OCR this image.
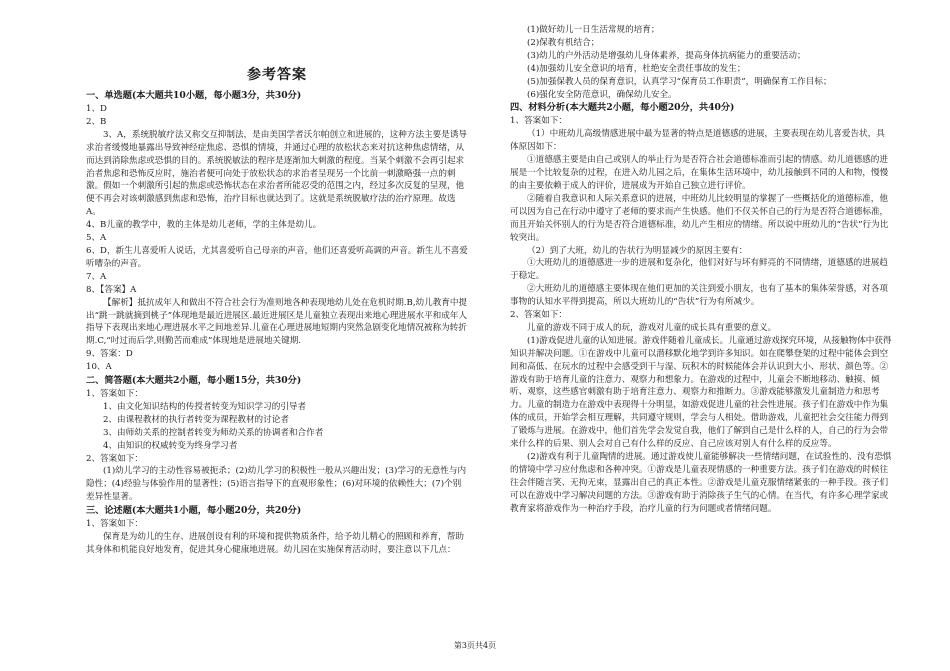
参考答案
一、单选题(本大题共10小题，每小题3分，共30分)

1、D

2、B

3、A，系统脱敏疗法又称交互抑制法，是由美国学者沃尔帕创立和进展的，这种方法主要是诱导求治者缓慢地暴露出导致神经症焦虑、恐惧的情境，并通过心理的放松状态来对抗这种焦虑情绪，从而达到消除焦虑或恐惧的目的。系统脱敏法的程序是逐渐加大刺激的程度。当某个刺激不会再引起求治者焦虑和恐怖反应时，施治者便可向处于放松状态的求治者呈现另一个比前一刺激略强一点的刺激。假如一个刺激所引起的焦虑或恐怖状态在求治者所能忍受的范围之内，经过多次反复的呈现，他便不再会对该刺激感到焦虑和恐怖，治疗目标也就达到了。这就是系统脱敏疗法的治疗原理。故选A。

4、B儿童的教学中，教的主体是幼儿老师，学的主体是幼儿。

5、A

6、D，新生儿喜爱听人说话，尤其喜爱听自己母亲的声音，他们还喜爱听高调的声音。新生儿不喜爱听嘈杂的声音。

7、A

8、【答案】A

【解析】抵抗成年人和做出不符合社会行为准则地各种表现地幼儿处在危机时期.B,幼儿教育中提出“跳一跳就摘到桃子”体现地是最近进展区.最近进展区是儿童独立表现出来地心理进展水平和成年人指导下表现出来地心理进展水平之间地差异.儿童在心理进展地短期内突然急剧变化地情况被称为转折期.C,“吋过而后学,则勤苦而难成”体现地是进展地关键期.

9、答案：D

10、A

二、简答题(本大题共2小题，每小题15分，共30分)

1、答案如下：

1、由文化知识结构的传授者转变为知识学习的引导者

2、由课程教材的执行者转变为课程教材的讨论者

3、由师幼关系的控制者转变为师幼关系的协调者和合作者

4、由知识的权威转变为终身学习者

2、答案如下：

(1)幼儿学习的主动性容易被扼杀；(2)幼儿学习的积极性一般从兴趣出发；(3)学习的无意性与内隐性；(4)经验与体验作用的显著性；(5)语言指导下的直观形象性；(6)对环境的依赖性大；(7)个别差异性显著。

三、论述题(本大题共1小题，每小题20分，共20分)

1、答案如下：

保育是为幼儿的生存、进展创设有利的环境和提供物质条件，给予幼儿精心的照顾和养育，帮助其身体和机能良好地发育，促进其身心健康地进展。幼儿园在实施保育活动时，要注意以下几点：

(1)做好幼儿一日生活常规的培育；

(2)保教有机结合；

(3)幼儿的户外活动是增强幼儿身体素养，提高身体抗病能力的重要活动；

(4)加强幼儿安全意识的培育，杜绝安全责任事故的发生；

(5)加强保教人员的保育意识，认真学习“保育员工作职责”，明确保育工作目标；

(6)强化安全防范意识，确保幼儿安全。

四、材料分析(本大题共2小题，每小题20分，共40分)

1、答案如下：

（1）中班幼儿高级情感进展中最为显著的特点是道德感的进展，主要表现在幼儿喜爱告状，具体原因如下：

①道德感主要是由自己或别人的举止行为是否符合社会道德标准而引起的情感。幼儿道德感的进展是一个比较复杂的过程，在进入幼儿园之后，在集体生活环境中，幼儿接触到不同的人和物，慢慢的由主要依赖于成人的评价，进展成为开始自己独立进行评价。

②随着自我意识和人际关系意识的进展，中班幼儿比较明显的掌握了一些概括化的道德标准，他可以因为自己在行动中遵守了老师的要求而产生快感。他们不仅关怀自己的行为是否符合道德标准，而且开始关怀别人的行为是否符合道德标准，幼儿产生相应的情绪。所以说中班幼儿的“告状”行为比较突出。

（2）到了大班，幼儿的告状行为明显减少的原因主要有：

①大班幼儿的道德感进一步的进展和复杂化，他们对好与坏有鲜亮的不同情绪，道德感的进展趋于稳定。

②大班幼儿的道德感主要体现在他们更加的关注到爱小朋友，也有了基本的集体荣誉感，对各项事物的认知水平得到提高，所以大班幼儿的“告状”行为有所减少。

2、答案如下：

儿童的游戏不同于成人的玩，游戏对儿童的成长具有重要的意义。

(1)游戏促进儿童的认知进展。游戏伴随着儿童成长。儿童通过游戏探究环境，从接触物体中获得知识并解决问题。①在游戏中儿童可以潜移默化地学到许多知识。如在爬攀登架的过程中能体会到空间和高低、在玩水的过程中会感受到干与湿、玩积木的时候能体会并认识到大小、形状、颜色等。②游戏有助于培育儿童的注意力、观察力和想象力。在游戏的过程中，儿童会不断地移动、触摸、倾听、观察，这些感官刺激有助于培育注意力、观察力和推断力。③游戏能够激发儿童制造力和思考力。儿童的制造力在游戏中表现得十分明显，如游戏促进儿童的社会性进展。孩子们在游戏中作为集体的成员，开始学会相互理解，共同遵守规则，学会与人相处。借助游戏，儿童把社会交往能力得到了锻炼与进展。在游戏中，他们首先学会发觉自我，他们了解到自己是什么样的人，自己的行为会带来什么样的后果、别人会对自己有什么样的反应、自己应该对别人有什么样的反应等。

(2)游戏有利于儿童陶情的进展。通过游戏使儿童能够解决一些情绪问题，在试验性的、没有恐惧的情境中学习应付焦虑和各种冲突。①游戏是儿童表现情感的一种重要方法。孩子们在游戏的时候往往会伴随言笑、无拘无束，显露出自己的真正本性。②游戏是儿童克服情绪紧张的一种手段。孩子们可以在游戏中学习解决问题的方法。③游戏有助于消除孩子生气的心情。在当代，有许多心理学家或教育家将游戏作为一种治疗手段，治疗儿童的行为问题或者情绪问题。

第3页共4页
